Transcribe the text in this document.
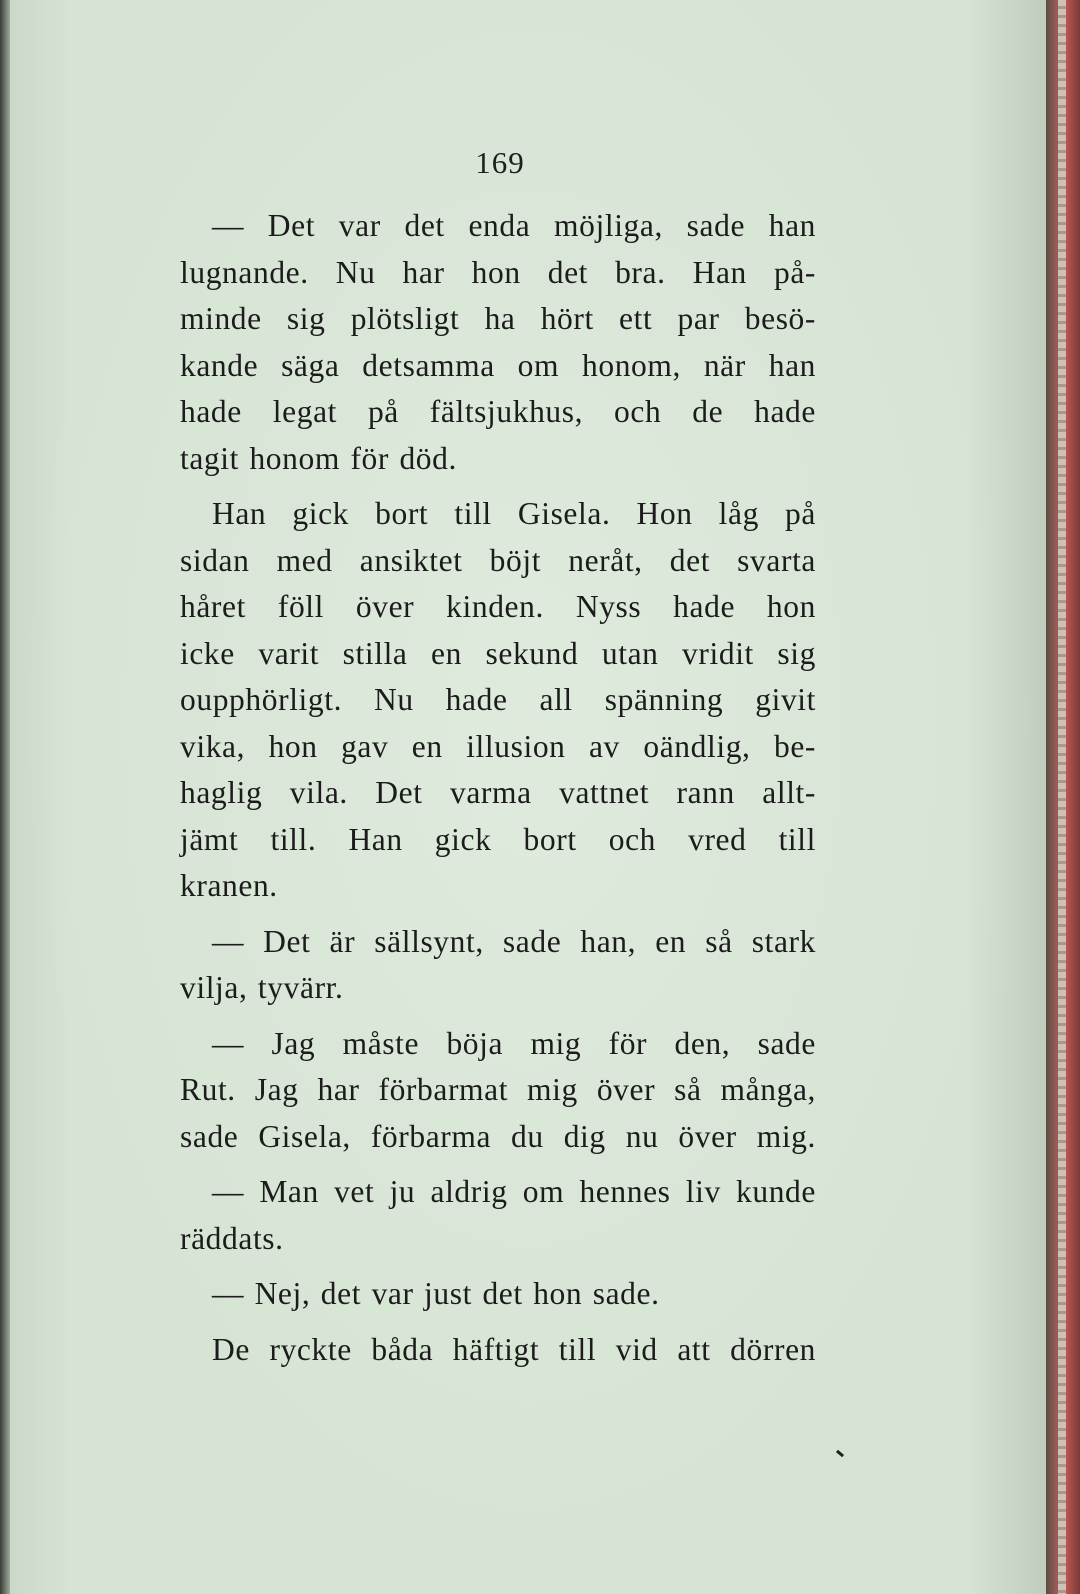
169
— Det var det enda möjliga, sade han
lugnande. Nu har hon det bra. Han på-
minde sig plötsligt ha hört ett par besö-
kande säga detsamma om honom, när han
hade legat på fältsjukhus, och de hade
tagit honom för död.
Han gick bort till Gisela. Hon låg på
sidan med ansiktet böjt neråt, det svarta
håret föll över kinden. Nyss hade hon
icke varit stilla en sekund utan vridit sig
oupphörligt. Nu hade all spänning givit
vika, hon gav en illusion av oändlig, be-
haglig vila. Det varma vattnet rann allt-
jämt till. Han gick bort och vred till
kranen.
— Det är sällsynt, sade han, en så stark
vilja, tyvärr.
— Jag måste böja mig för den, sade
Rut. Jag har förbarmat mig över så många,
sade Gisela, förbarma du dig nu över mig.
— Man vet ju aldrig om hennes liv kunde
räddats.
— Nej, det var just det hon sade.
De ryckte båda häftigt till vid att dörren
